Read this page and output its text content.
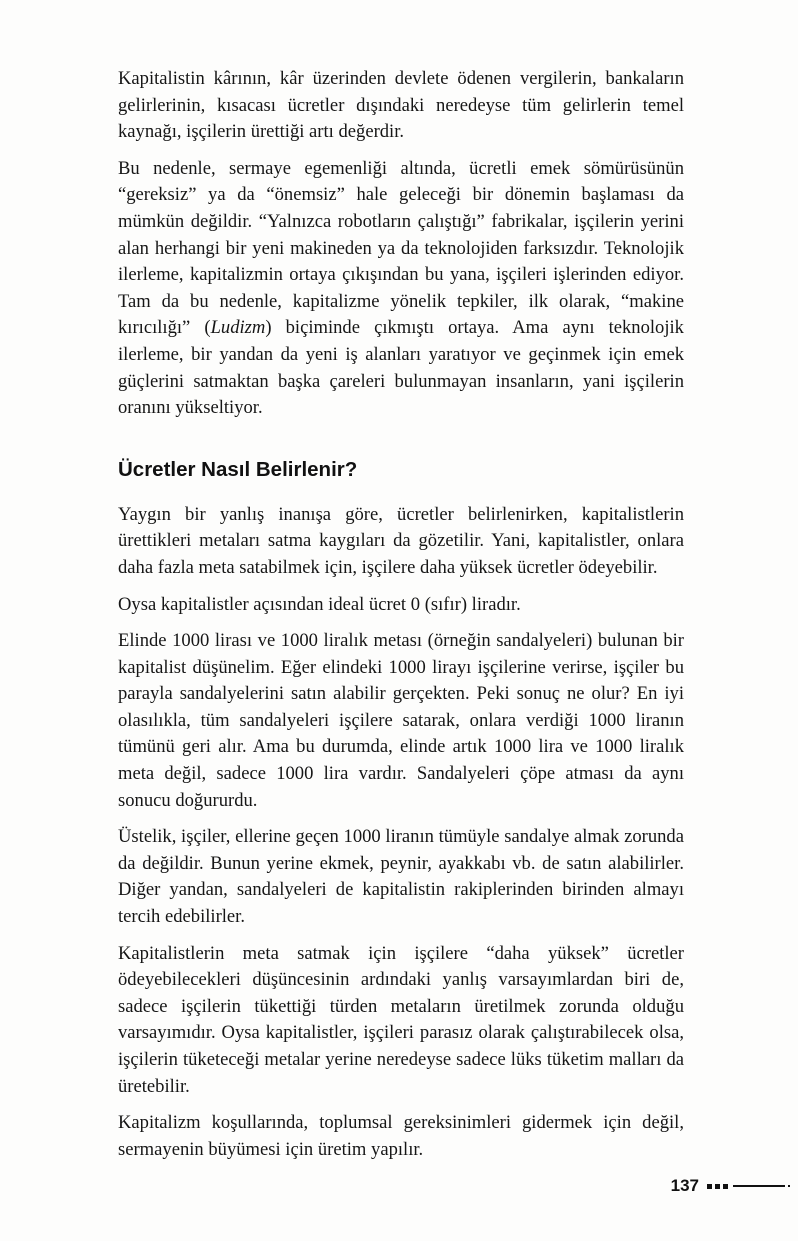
Kapitalistin kârının, kâr üzerinden devlete ödenen vergilerin, bankaların gelirlerinin, kısacası ücretler dışındaki neredeyse tüm gelirlerin temel kaynağı, işçilerin ürettiği artı değerdir.

Bu nedenle, sermaye egemenliği altında, ücretli emek sömürüsünün “gereksiz” ya da “önemsiz” hale geleceği bir dönemin başlaması da mümkün değildir. “Yalnızca robotların çalıştığı” fabrikalar, işçilerin yerini alan herhangi bir yeni makineden ya da teknolojiden farksızdır. Teknolojik ilerleme, kapitalizmin ortaya çıkışından bu yana, işçileri işlerinden ediyor. Tam da bu nedenle, kapitalizme yönelik tepkiler, ilk olarak, “makine kırıcılığı” (Ludizm) biçiminde çıkmıştı ortaya. Ama aynı teknolojik ilerleme, bir yandan da yeni iş alanları yaratıyor ve geçinmek için emek güçlerini satmaktan başka çareleri bulunmayan insanların, yani işçilerin oranını yükseltiyor.

Ücretler Nasıl Belirlenir?

Yaygın bir yanlış inanışa göre, ücretler belirlenirken, kapitalistlerin ürettikleri metaları satma kaygıları da gözetilir. Yani, kapitalistler, onlara daha fazla meta satabilmek için, işçilere daha yüksek ücretler ödeyebilir.

Oysa kapitalistler açısından ideal ücret 0 (sıfır) liradır.

Elinde 1000 lirası ve 1000 liralık metası (örneğin sandalyeleri) bulunan bir kapitalist düşünelim. Eğer elindeki 1000 lirayı işçilerine verirse, işçiler bu parayla sandalyelerini satın alabilir gerçekten. Peki sonuç ne olur? En iyi olasılıkla, tüm sandalyeleri işçilere satarak, onlara verdiği 1000 liranın tümünü geri alır. Ama bu durumda, elinde artık 1000 lira ve 1000 liralık meta değil, sadece 1000 lira vardır. Sandalyeleri çöpe atması da aynı sonucu doğururdu.

Üstelik, işçiler, ellerine geçen 1000 liranın tümüyle sandalye almak zorunda da değildir. Bunun yerine ekmek, peynir, ayakkabı vb. de satın alabilirler. Diğer yandan, sandalyeleri de kapitalistin rakiplerinden birinden almayı tercih edebilirler.

Kapitalistlerin meta satmak için işçilere “daha yüksek” ücretler ödeyebilecekleri düşüncesinin ardındaki yanlış varsayımlardan biri de, sadece işçilerin tükettiği türden metaların üretilmek zorunda olduğu varsayımıdır. Oysa kapitalistler, işçileri parasız olarak çalıştırabilecek olsa, işçilerin tüketeceği metalar yerine neredeyse sadece lüks tüketim malları da üretebilir.

Kapitalizm koşullarında, toplumsal gereksinimleri gidermek için değil, sermayenin büyümesi için üretim yapılır.

137
